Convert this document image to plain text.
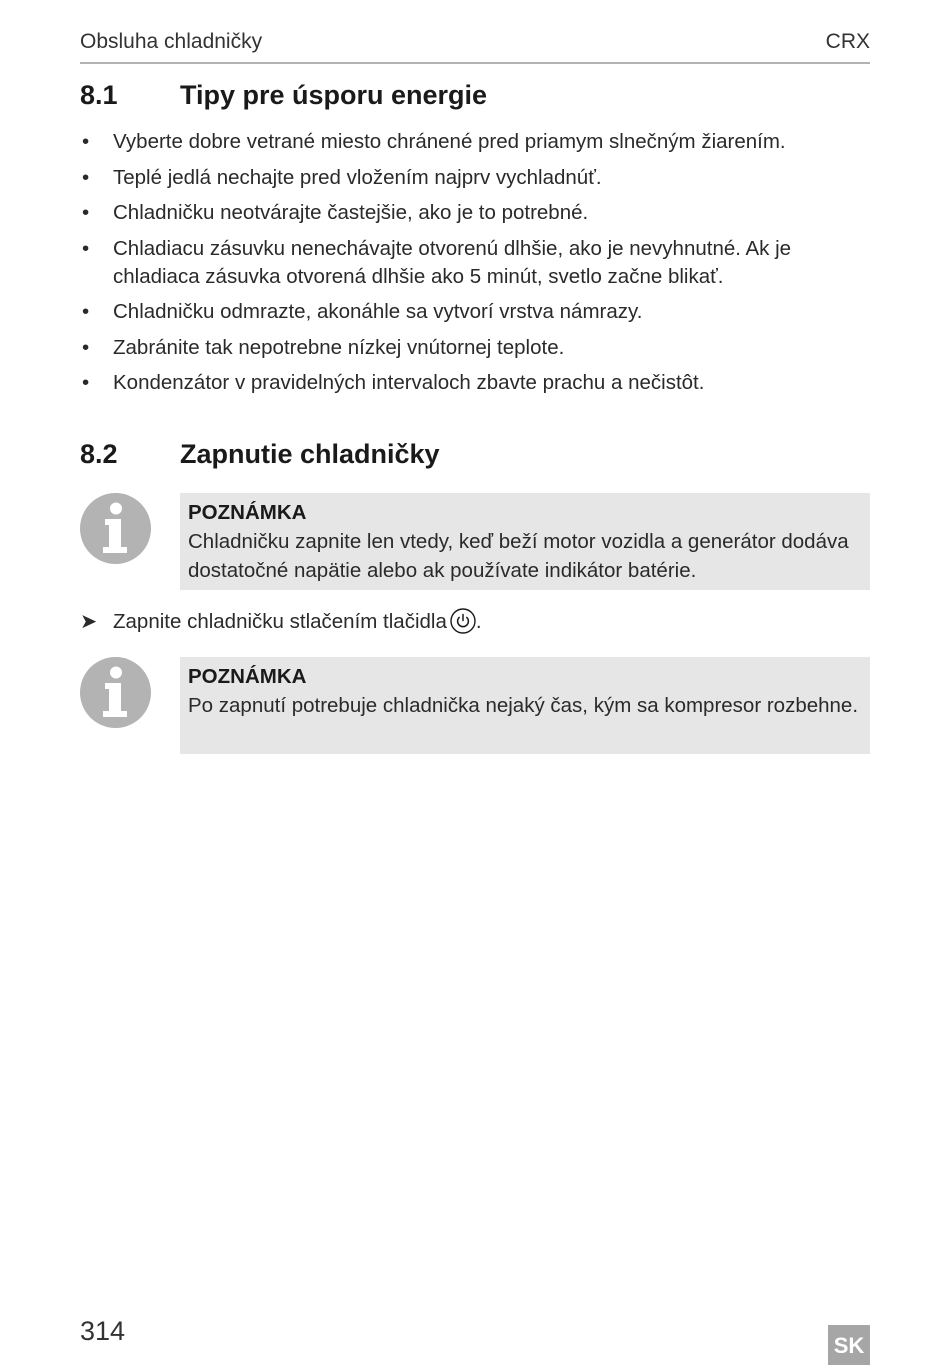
Obsluha chladničky	CRX
8.1 Tipy pre úsporu energie
• Vyberte dobre vetrané miesto chránené pred priamym slnečným žiarením.
• Teplé jedlá nechajte pred vložením najprv vychladnúť.
• Chladničku neotvárajte častejšie, ako je to potrebné.
• Chladiacu zásuvku nenechávajte otvorenú dlhšie, ako je nevyhnutné. Ak je chladiaca zásuvka otvorená dlhšie ako 5 minút, svetlo začne blikať.
• Chladničku odmrazte, akonáhle sa vytvorí vrstva námrazy.
• Zabránite tak nepotrebne nízkej vnútornej teplote.
• Kondenzátor v pravidelných intervaloch zbavte prachu a nečistôt.
8.2 Zapnutie chladničky
POZNÁMKA
Chladničku zapnite len vtedy, keď beží motor vozidla a generátor dodáva dostatočné napätie alebo ak používate indikátor batérie.
➤ Zapnite chladničku stlačením tlačidla .
POZNÁMKA
Po zapnutí potrebuje chladnička nejaký čas, kým sa kompresor rozbehne.
314	SK
